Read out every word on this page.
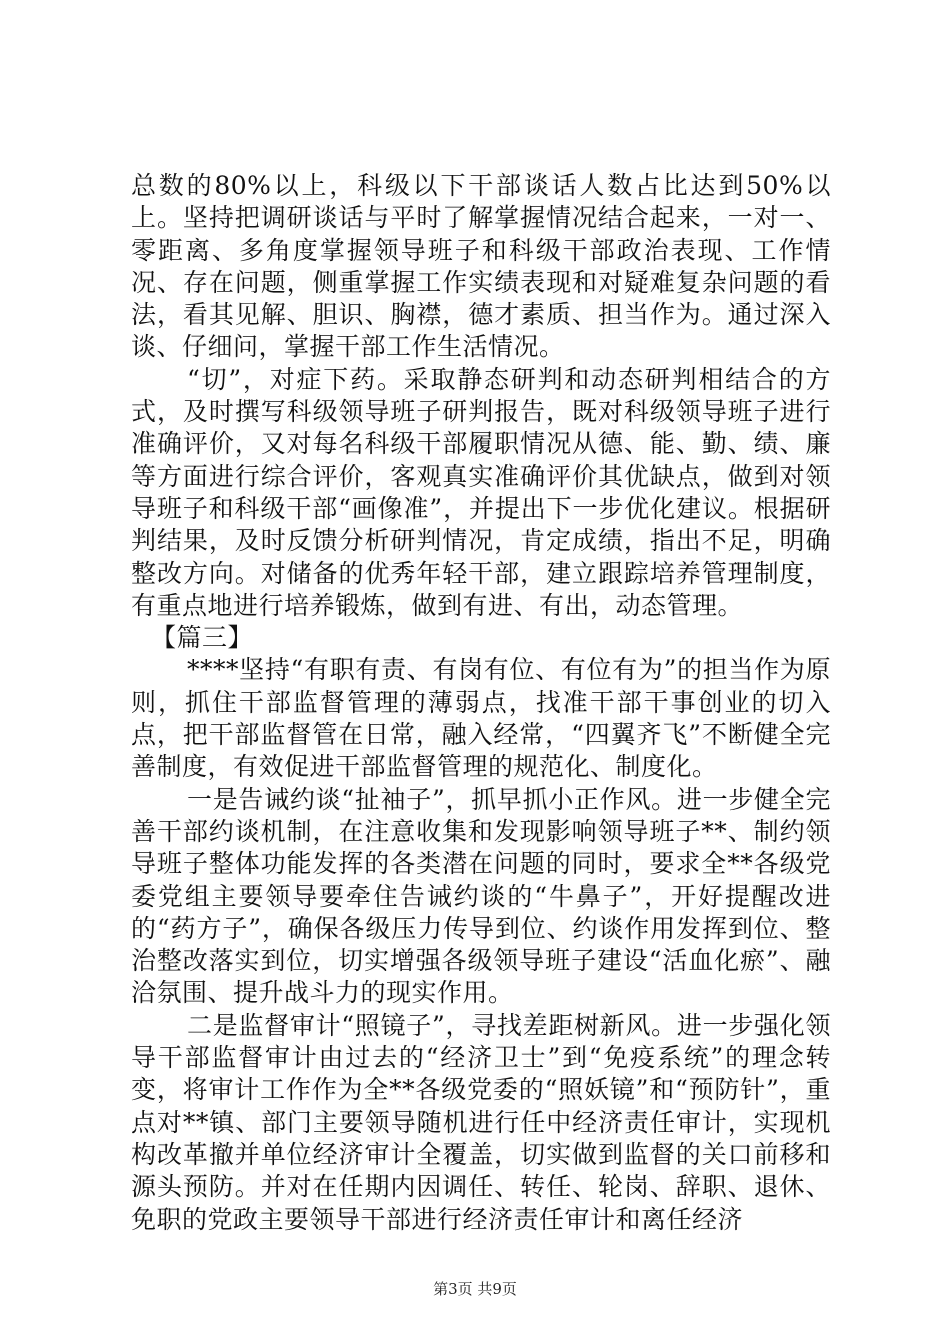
总数的80%以上，科级以下干部谈话人数占比达到50%以上。坚持把调研谈话与平时了解掌握情况结合起来，一对一、零距离、多角度掌握领导班子和科级干部政治表现、工作情况、存在问题，侧重掌握工作实绩表现和对疑难复杂问题的看法，看其见解、胆识、胸襟，德才素质、担当作为。通过深入谈、仔细问，掌握干部工作生活情况。

“切”，对症下药。采取静态研判和动态研判相结合的方式，及时撰写科级领导班子研判报告，既对科级领导班子进行准确评价，又对每名科级干部履职情况从德、能、勤、绩、廉等方面进行综合评价，客观真实准确评价其优缺点，做到对领导班子和科级干部“画像准”，并提出下一步优化建议。根据研判结果，及时反馈分析研判情况，肯定成绩，指出不足，明确整改方向。对储备的优秀年轻干部，建立跟踪培养管理制度，有重点地进行培养锻炼，做到有进、有出，动态管理。

【篇三】

****坚持“有职有责、有岗有位、有位有为”的担当作为原则，抓住干部监督管理的薄弱点，找准干部干事创业的切入点，把干部监督管在日常，融入经常，“四翼齐飞”不断健全完善制度，有效促进干部监督管理的规范化、制度化。

一是告诫约谈“扯袖子”，抓早抓小正作风。进一步健全完善干部约谈机制，在注意收集和发现影响领导班子**、制约领导班子整体功能发挥的各类潜在问题的同时，要求全**各级党委党组主要领导要牵住告诫约谈的“牛鼻子”，开好提醒改进的“药方子”，确保各级压力传导到位、约谈作用发挥到位、整治整改落实到位，切实增强各级领导班子建设“活血化瘀”、融洽氛围、提升战斗力的现实作用。

二是监督审计“照镜子”，寻找差距树新风。进一步强化领导干部监督审计由过去的“经济卫士”到“免疫系统”的理念转变，将审计工作作为全**各级党委的“照妖镜”和“预防针”，重点对**镇、部门主要领导随机进行任中经济责任审计，实现机构改革撤并单位经济审计全覆盖，切实做到监督的关口前移和源头预防。并对在任期内因调任、转任、轮岗、辞职、退休、免职的党政主要领导干部进行经济责任审计和离任经济

第3页 共9页
